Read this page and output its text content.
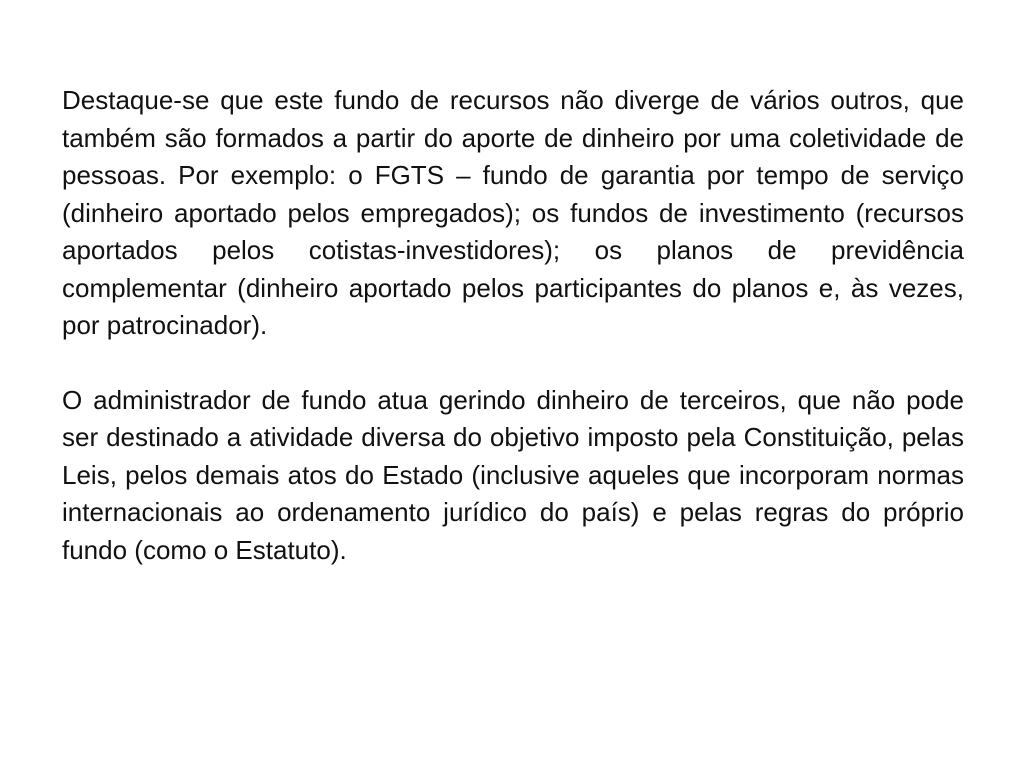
Destaque-se que este fundo de recursos não diverge de vários outros, que também são formados a partir do aporte de dinheiro por uma coletividade de pessoas. Por exemplo: o FGTS – fundo de garantia por tempo de serviço (dinheiro aportado pelos empregados); os fundos de investimento (recursos aportados pelos cotistas-investidores); os planos de previdência complementar (dinheiro aportado pelos participantes do planos e, às vezes, por patrocinador).

O administrador de fundo atua gerindo dinheiro de terceiros, que não pode ser destinado a atividade diversa do objetivo imposto pela Constituição, pelas Leis, pelos demais atos do Estado (inclusive aqueles que incorporam normas internacionais ao ordenamento jurídico do país) e pelas regras do próprio fundo (como o Estatuto).
